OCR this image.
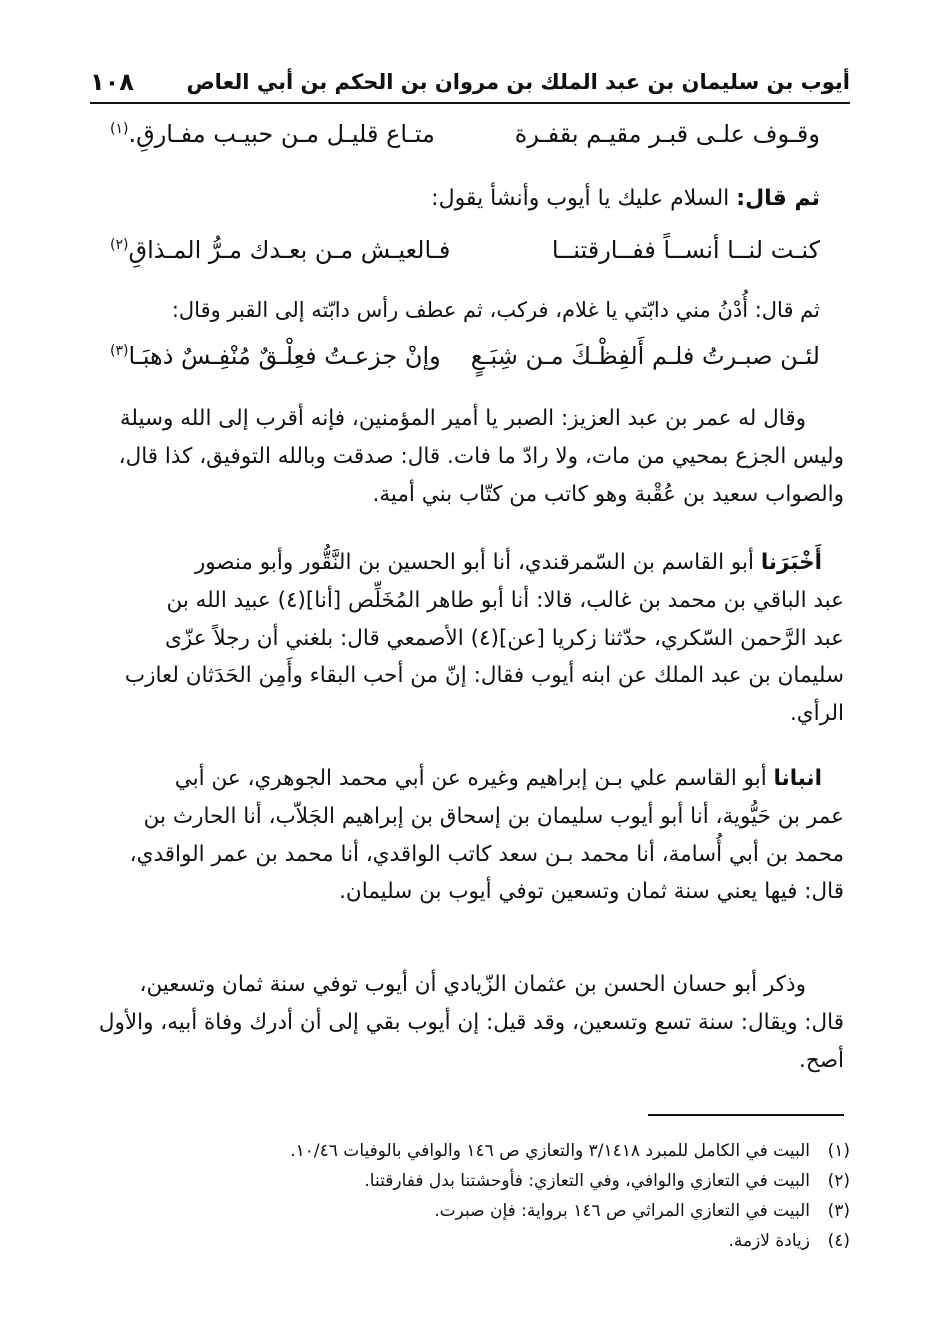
أيوب بن سليمان بن عبد الملك بن مروان بن الحكم بن أبي العاص
١٠٨
وقـوف علـى قبـر مقيـم بقفـرة
متـاع قليـل مـن حبيـب مفـارقِ.$^{(١)}$
ثم قال: السلام عليك يا أيوب وأنشأ يقول:
كنـت لنــا أنســاً ففــارقتنــا
فـالعيـش مـن بعـدك مـرُّ المـذاقِ$^{(٢)}$
ثم قال: أُدْنُ مني دابّتي يا غلام، فركب، ثم عطف رأس دابّته إلى القبر وقال:
لئـن صبـرتُ فلـم أَلفِظْـكَ مـن شِبَـعٍ
وإنْ جزعـتُ فعِلْـقٌ مُنْفِـسٌ ذهبَـا$^{(٣)}$
وقال له عمر بن عبد العزيز: الصبر يا أمير المؤمنين، فإنه أقرب إلى الله وسيلة
وليس الجزع بمحيي من مات، ولا رادّ ما فات. قال: صدقت وبالله التوفيق، كذا قال،
والصواب سعيد بن عُقْبة وهو كاتب من كتّاب بني أمية.
أَخْبَرَنا أبو القاسم بن السّمرقندي، أنا أبو الحسين بن النَّقُّور وأبو منصور
عبد الباقي بن محمد بن غالب، قالا: أنا أبو طاهر المُخَلِّص [أنا](٤) عبيد الله بن
عبد الرَّحمن السّكري، حدّثنا زكريا [عن](٤) الأصمعي قال: بلغني أن رجلاً عزّى
سليمان بن عبد الملك عن ابنه أيوب فقال: إنّ من أحب البقاء وأَمِن الحَدَثان لعازب
الرأي.
انبانا أبو القاسم علي بـن إبراهيم وغيره عن أبي محمد الجوهري، عن أبي
عمر بن حَيُّوية، أنا أبو أيوب سليمان بن إسحاق بن إبراهيم الجَلاّب، أنا الحارث بن
محمد بن أبي أُسامة، أنا محمد بـن سعد كاتب الواقدي، أنا محمد بن عمر الواقدي،
قال: فيها يعني سنة ثمان وتسعين توفي أيوب بن سليمان.
وذكر أبو حسان الحسن بن عثمان الزّيادي أن أيوب توفي سنة ثمان وتسعين،
قال: ويقال: سنة تسع وتسعين، وقد قيل: إن أيوب بقي إلى أن أدرك وفاة أبيه، والأول
أصح.
(١)
البيت في الكامل للمبرد ٣/١٤١٨ والتعازي ص ١٤٦ والوافي بالوفيات ١٠/٤٦.
(٢)
البيت في التعازي والوافي، وفي التعازي: فأوحشتنا بدل ففارقتنا.
(٣)
البيت في التعازي المراثي ص ١٤٦ برواية: فإن صبرت.
(٤)
زيادة لازمة.
